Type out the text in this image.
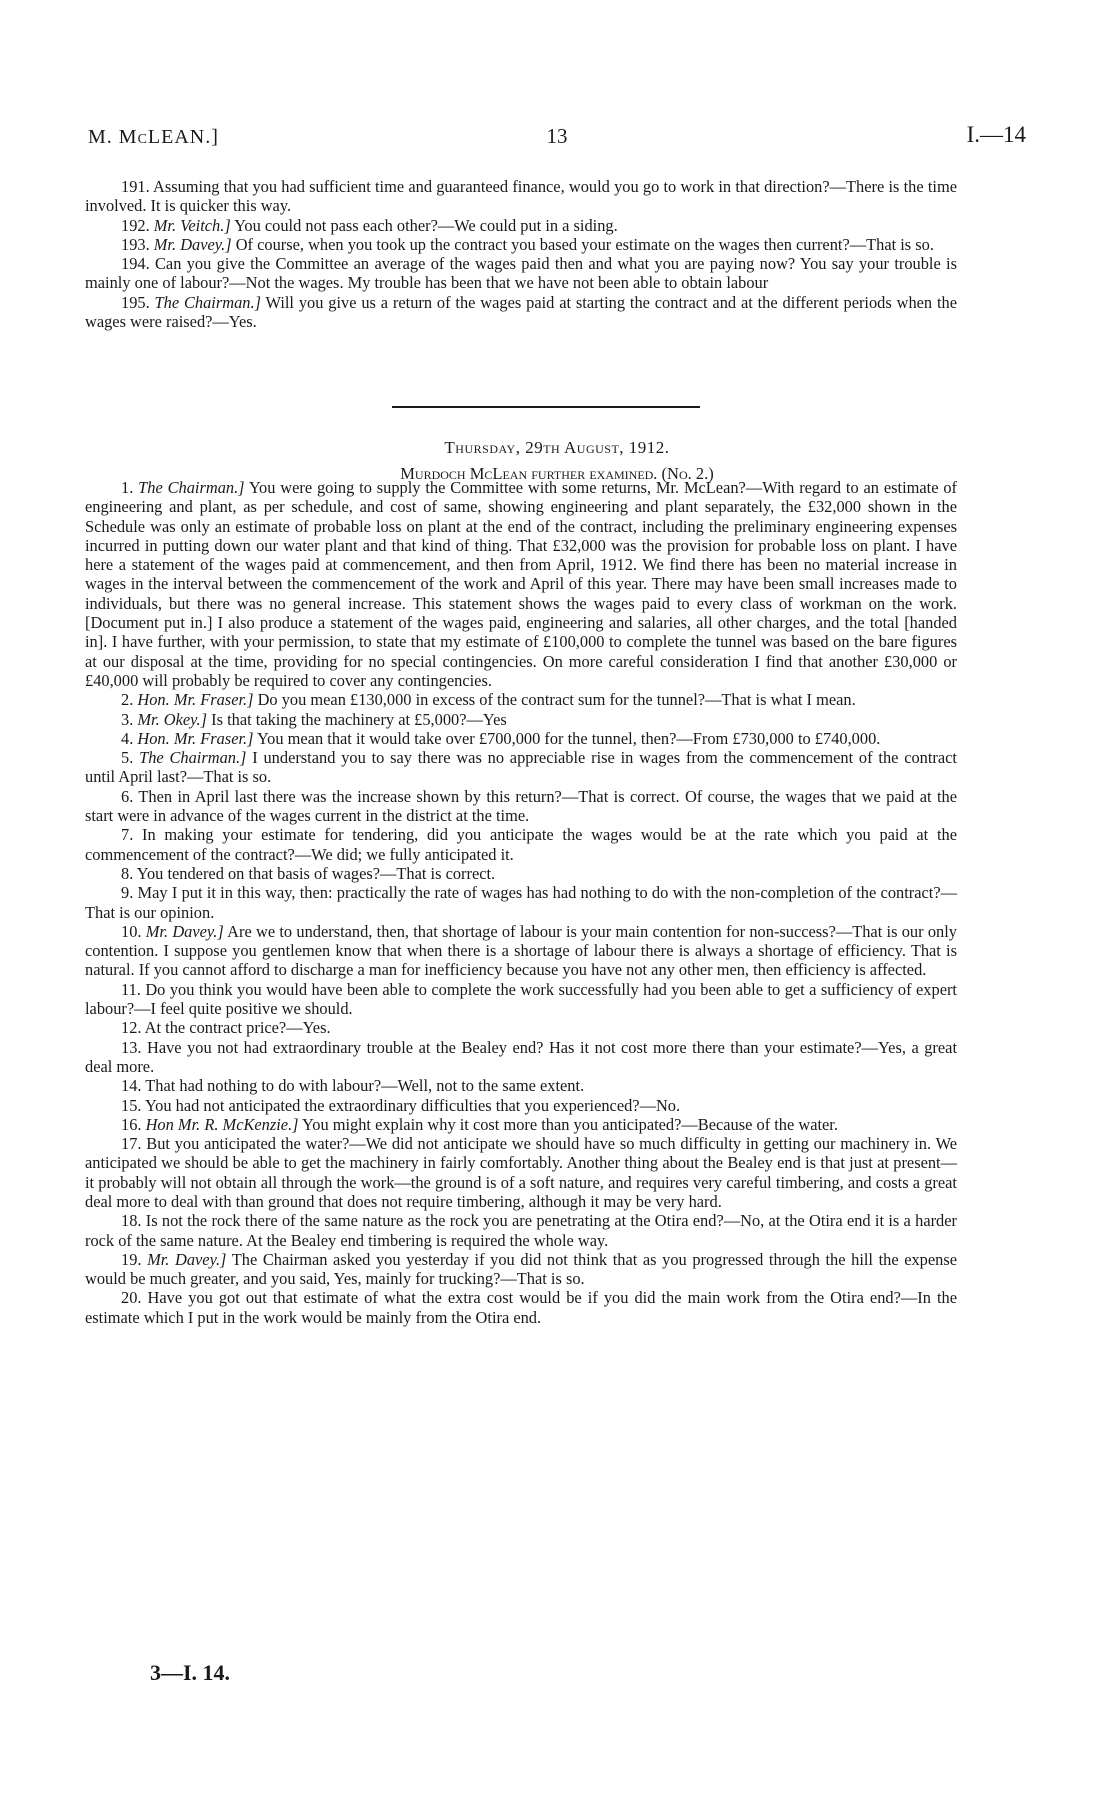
M. McLEAN.]	13	I.—14

191. Assuming that you had sufficient time and guaranteed finance, would you go to work in that direction?—There is the time involved. It is quicker this way.

192. Mr. Veitch.] You could not pass each other?—We could put in a siding.

193. Mr. Davey.] Of course, when you took up the contract you based your estimate on the wages then current?—That is so.

194. Can you give the Committee an average of the wages paid then and what you are paying now? You say your trouble is mainly one of labour?—Not the wages. My trouble has been that we have not been able to obtain labour

195. The Chairman.] Will you give us a return of the wages paid at starting the contract and at the different periods when the wages were raised?—Yes.

Thursday, 29th August, 1912.
Murdoch McLean further examined. (No. 2.)

1. The Chairman.] You were going to supply the Committee with some returns, Mr. McLean?—With regard to an estimate of engineering and plant, as per schedule, and cost of same, showing engineering and plant separately, the £32,000 shown in the Schedule was only an estimate of probable loss on plant at the end of the contract, including the preliminary engineering expenses incurred in putting down our water plant and that kind of thing. That £32,000 was the provision for probable loss on plant. I have here a statement of the wages paid at commencement, and then from April, 1912. We find there has been no material increase in wages in the interval between the commencement of the work and April of this year. There may have been small increases made to individuals, but there was no general increase. This statement shows the wages paid to every class of workman on the work. [Document put in.] I also produce a statement of the wages paid, engineering and salaries, all other charges, and the total [handed in]. I have further, with your permission, to state that my estimate of £100,000 to complete the tunnel was based on the bare figures at our disposal at the time, providing for no special contingencies. On more careful consideration I find that another £30,000 or £40,000 will probably be required to cover any contingencies.

2. Hon. Mr. Fraser.] Do you mean £130,000 in excess of the contract sum for the tunnel?—That is what I mean.

3. Mr. Okey.] Is that taking the machinery at £5,000?—Yes

4. Hon. Mr. Fraser.] You mean that it would take over £700,000 for the tunnel, then?—From £730,000 to £740,000.

5. The Chairman.] I understand you to say there was no appreciable rise in wages from the commencement of the contract until April last?—That is so.

6. Then in April last there was the increase shown by this return?—That is correct. Of course, the wages that we paid at the start were in advance of the wages current in the district at the time.

7. In making your estimate for tendering, did you anticipate the wages would be at the rate which you paid at the commencement of the contract?—We did; we fully anticipated it.

8. You tendered on that basis of wages?—That is correct.

9. May I put it in this way, then: practically the rate of wages has had nothing to do with the non-completion of the contract?—That is our opinion.

10. Mr. Davey.] Are we to understand, then, that shortage of labour is your main contention for non-success?—That is our only contention. I suppose you gentlemen know that when there is a shortage of labour there is always a shortage of efficiency. That is natural. If you cannot afford to discharge a man for inefficiency because you have not any other men, then efficiency is affected.

11. Do you think you would have been able to complete the work successfully had you been able to get a sufficiency of expert labour?—I feel quite positive we should.

12. At the contract price?—Yes.

13. Have you not had extraordinary trouble at the Bealey end? Has it not cost more there than your estimate?—Yes, a great deal more.

14. That had nothing to do with labour?—Well, not to the same extent.

15. You had not anticipated the extraordinary difficulties that you experienced?—No.

16. Hon Mr. R. McKenzie.] You might explain why it cost more than you anticipated?—Because of the water.

17. But you anticipated the water?—We did not anticipate we should have so much difficulty in getting our machinery in. We anticipated we should be able to get the machinery in fairly comfortably. Another thing about the Bealey end is that just at present—it probably will not obtain all through the work—the ground is of a soft nature, and requires very careful timbering, and costs a great deal more to deal with than ground that does not require timbering, although it may be very hard.

18. Is not the rock there of the same nature as the rock you are penetrating at the Otira end?—No, at the Otira end it is a harder rock of the same nature. At the Bealey end timbering is required the whole way.

19. Mr. Davey.] The Chairman asked you yesterday if you did not think that as you progressed through the hill the expense would be much greater, and you said, Yes, mainly for trucking?—That is so.

20. Have you got out that estimate of what the extra cost would be if you did the main work from the Otira end?—In the estimate which I put in the work would be mainly from the Otira end.

3—I. 14.
